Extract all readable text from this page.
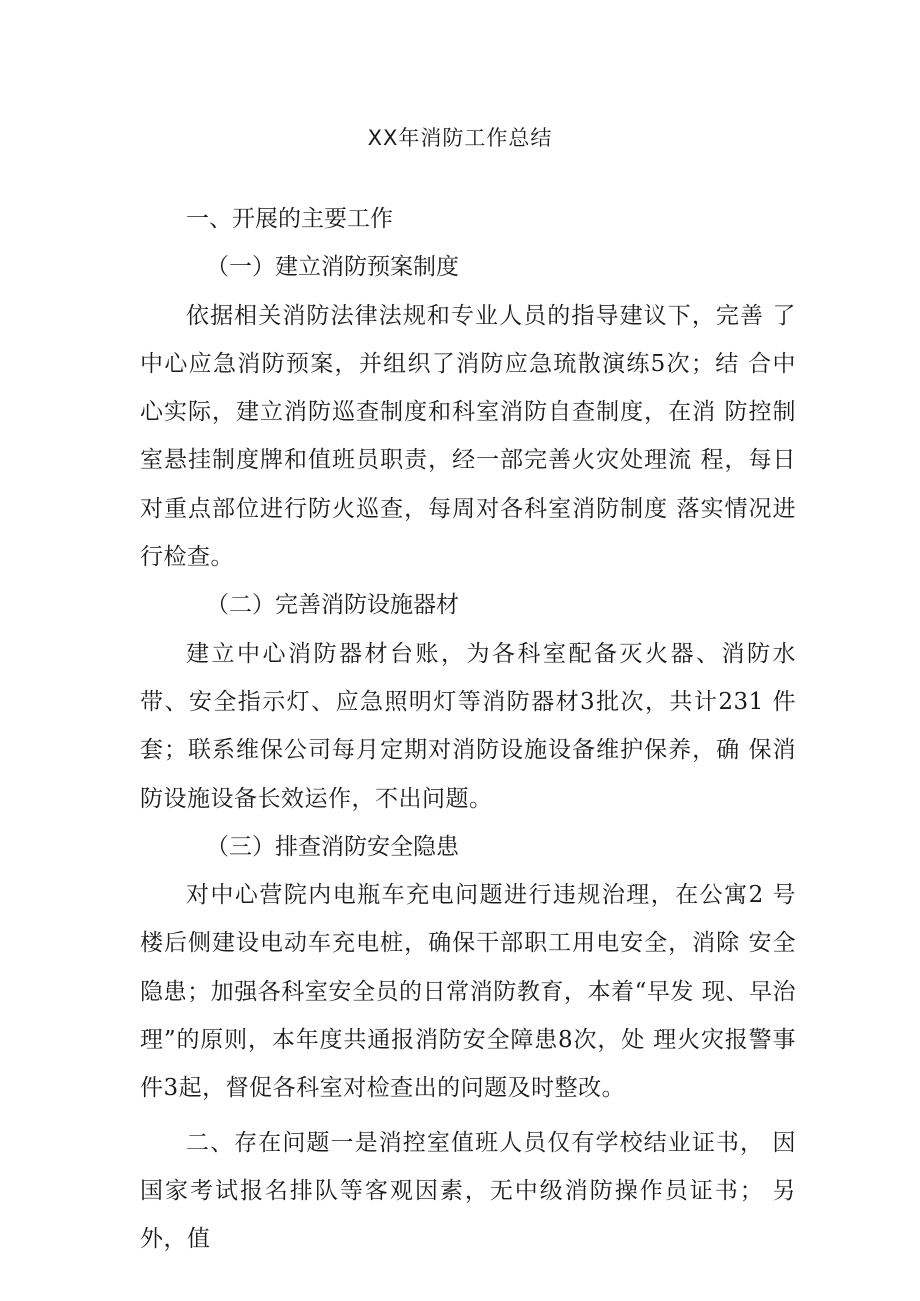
XX年消防工作总结

一、开展的主要工作

（一）建立消防预案制度

依据相关消防法律法规和专业人员的指导建议下，完善 了中心应急消防预案，并组织了消防应急琉散演练5次；结 合中心实际，建立消防巡查制度和科室消防自查制度，在消 防控制室悬挂制度牌和值班员职责，经一部完善火灾处理流 程，每日对重点部位进行防火巡查，每周对各科室消防制度 落实情况进行检查。

（二）完善消防设施器材

建立中心消防器材台账，为各科室配备灭火器、消防水 带、安全指示灯、应急照明灯等消防器材3批次，共计231 件套；联系维保公司每月定期对消防设施设备维护保养，确 保消防设施设备长效运作，不出问题。

（三）排查消防安全隐患

对中心营院内电瓶车充电问题进行违规治理，在公寓2 号楼后侧建设电动车充电桩，确保干部职工用电安全，消除 安全隐患；加强各科室安全员的日常消防教育，本着“早发 现、早治理”的原则，本年度共通报消防安全障患8次，处 理火灾报警事件3起，督促各科室对检查出的问题及时整改。

二、存在问题一是消控室值班人员仅有学校结业证书， 因国家考试报名排队等客观因素，无中级消防操作员证书； 另外，值
